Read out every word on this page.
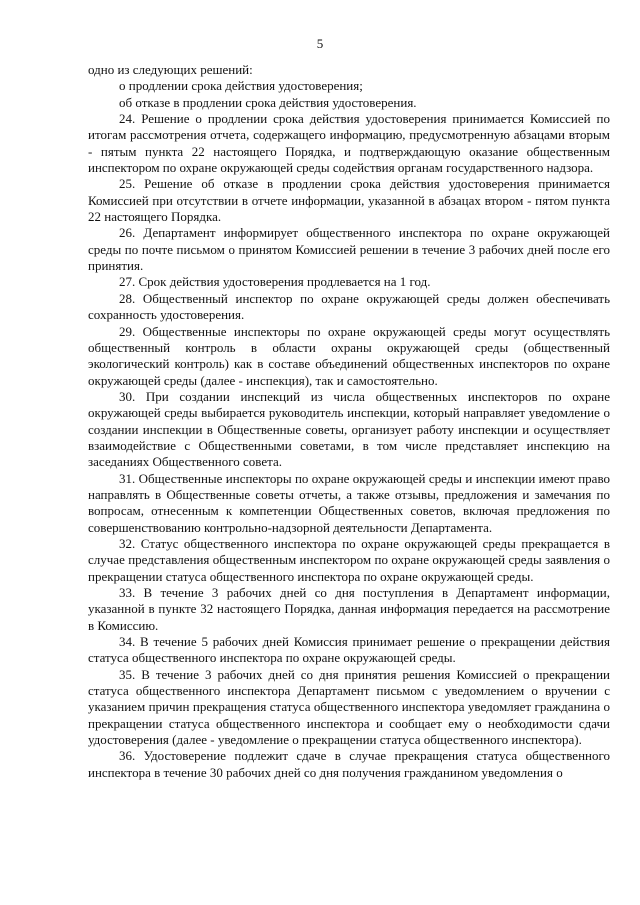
5

одно из следующих решений:

о продлении срока действия удостоверения;

об отказе в продлении срока действия удостоверения.

24. Решение о продлении срока действия удостоверения принимается Комиссией по итогам рассмотрения отчета, содержащего информацию, предусмотренную абзацами вторым - пятым пункта 22 настоящего Порядка, и подтверждающую оказание общественным инспектором по охране окружающей среды содействия органам государственного надзора.

25. Решение об отказе в продлении срока действия удостоверения принимается Комиссией при отсутствии в отчете информации, указанной в абзацах втором - пятом пункта 22 настоящего Порядка.

26. Департамент информирует общественного инспектора по охране окружающей среды по почте письмом о принятом Комиссией решении в течение 3 рабочих дней после его принятия.

27. Срок действия удостоверения продлевается на 1 год.

28. Общественный инспектор по охране окружающей среды должен обеспечивать сохранность удостоверения.

29. Общественные инспекторы по охране окружающей среды могут осуществлять общественный контроль в области охраны окружающей среды (общественный экологический контроль) как в составе объединений общественных инспекторов по охране окружающей среды (далее - инспекция), так и самостоятельно.

30. При создании инспекций из числа общественных инспекторов по охране окружающей среды выбирается руководитель инспекции, который направляет уведомление о создании инспекции в Общественные советы, организует работу инспекции и осуществляет взаимодействие с Общественными советами, в том числе представляет инспекцию на заседаниях Общественного совета.

31. Общественные инспекторы по охране окружающей среды и инспекции имеют право направлять в Общественные советы отчеты, а также отзывы, предложения и замечания по вопросам, отнесенным к компетенции Общественных советов, включая предложения по совершенствованию контрольно-надзорной деятельности Департамента.

32. Статус общественного инспектора по охране окружающей среды прекращается в случае представления общественным инспектором по охране окружающей среды заявления о прекращении статуса общественного инспектора по охране окружающей среды.

33. В течение 3 рабочих дней со дня поступления в Департамент информации, указанной в пункте 32 настоящего Порядка, данная информация передается на рассмотрение в Комиссию.

34. В течение 5 рабочих дней Комиссия принимает решение о прекращении действия статуса общественного инспектора по охране окружающей среды.

35. В течение 3 рабочих дней со дня принятия решения Комиссией о прекращении статуса общественного инспектора Департамент письмом с уведомлением о вручении с указанием причин прекращения статуса общественного инспектора уведомляет гражданина о прекращении статуса общественного инспектора и сообщает ему о необходимости сдачи удостоверения (далее - уведомление о прекращении статуса общественного инспектора).

36. Удостоверение подлежит сдаче в случае прекращения статуса общественного инспектора в течение 30 рабочих дней со дня получения гражданином уведомления о
